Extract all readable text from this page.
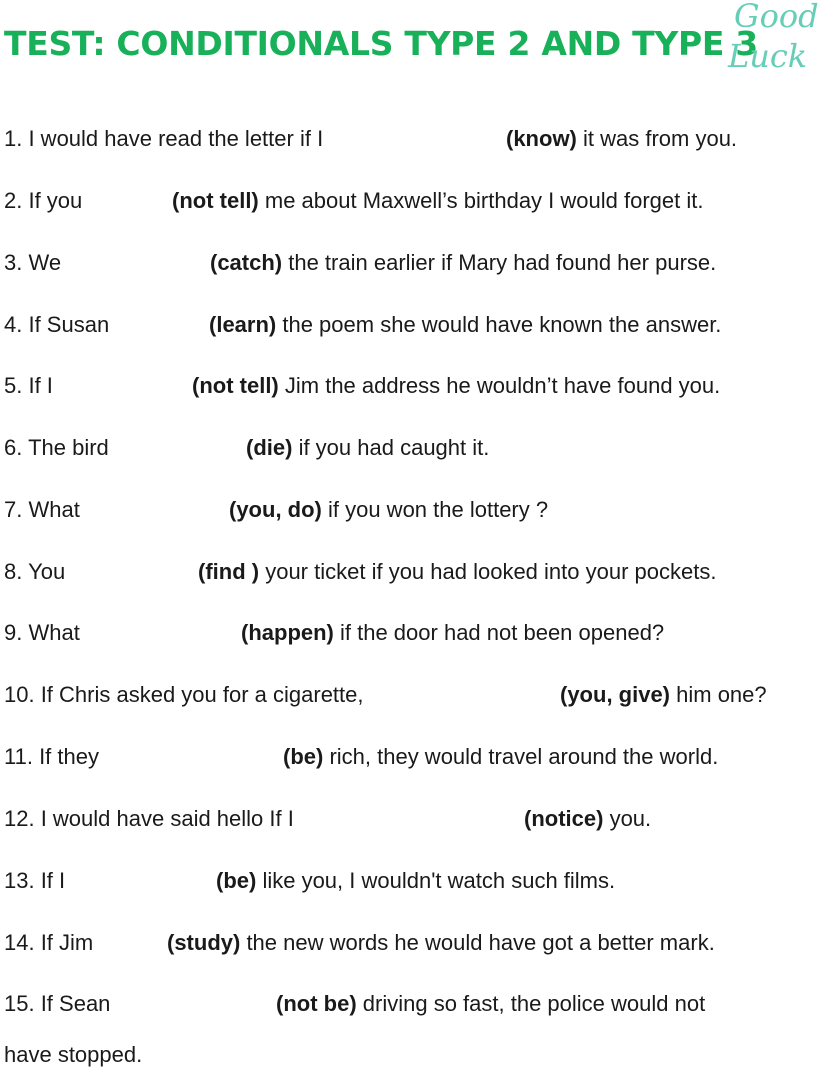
TEST: CONDITIONALS TYPE 2 AND TYPE 3
Good
Luck
1. I would have read the letter if I	(know) it was from you.
2. If you	(not tell) me about Maxwell’s birthday I would forget it.
3. We	(catch) the train earlier if Mary had found her purse.
4. If Susan	(learn) the poem she would have known the answer.
5. If I	(not tell) Jim the address he wouldn’t have found you.
6. The bird	(die) if you had caught it.
7. What	(you, do) if you won the lottery ?
8. You	(find ) your ticket if you had looked into your pockets.
9. What	(happen) if the door had not been opened?
10. If Chris asked you for a cigarette,	(you, give) him one?
11. If they	(be) rich, they would travel around the world.
12. I would have said hello If I	(notice) you.
13. If I	(be) like you, I wouldn't watch such films.
14. If Jim	(study) the new words he would have got a better mark.
15. If Sean	(not be) driving so fast, the police would not
have stopped.
